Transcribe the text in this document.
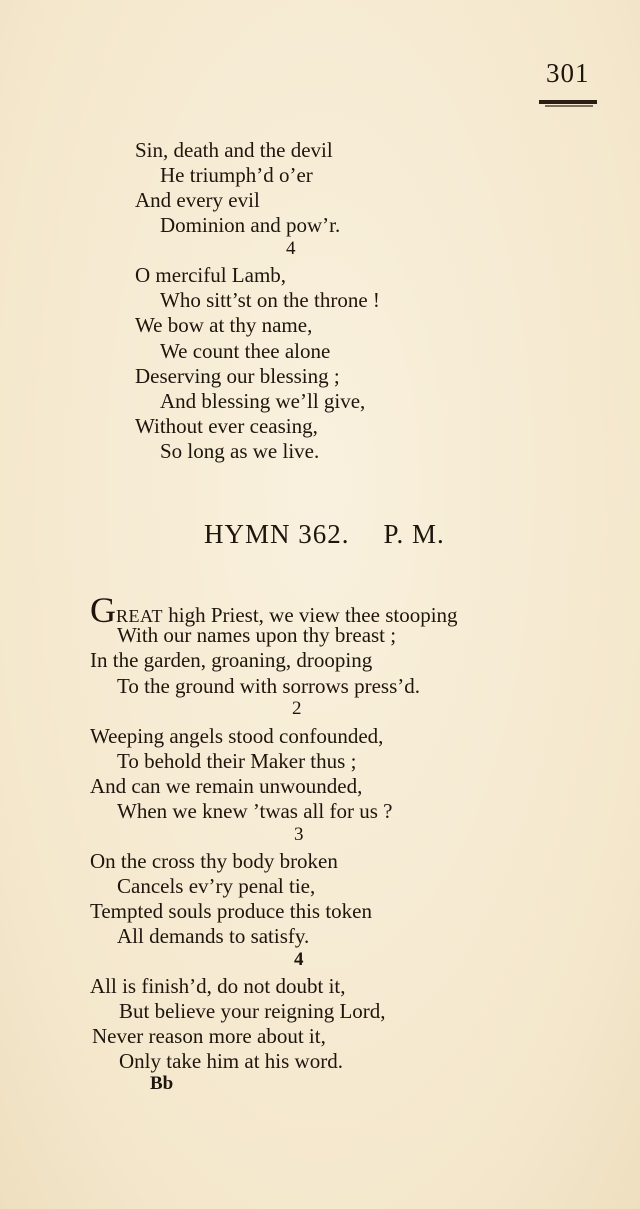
301
Sin, death and the devil
He triumph’d o’er
And every evil
Dominion and pow’r.
4
O merciful Lamb,
Who sitt’st on the throne !
We bow at thy name,
We count thee alone
Deserving our blessing ;
And blessing we’ll give,
Without ever ceasing,
So long as we live.
HYMN 362. P. M.
GREAT high Priest, we view thee stooping
With our names upon thy breast ;
In the garden, groaning, drooping
To the ground with sorrows press’d.
2
Weeping angels stood confounded,
To behold their Maker thus ;
And can we remain unwounded,
When we knew ’twas all for us ?
3
On the cross thy body broken
Cancels ev’ry penal tie,
Tempted souls produce this token
All demands to satisfy.
4
All is finish’d, do not doubt it,
But believe your reigning Lord,
Never reason more about it,
Only take him at his word.
Bb
